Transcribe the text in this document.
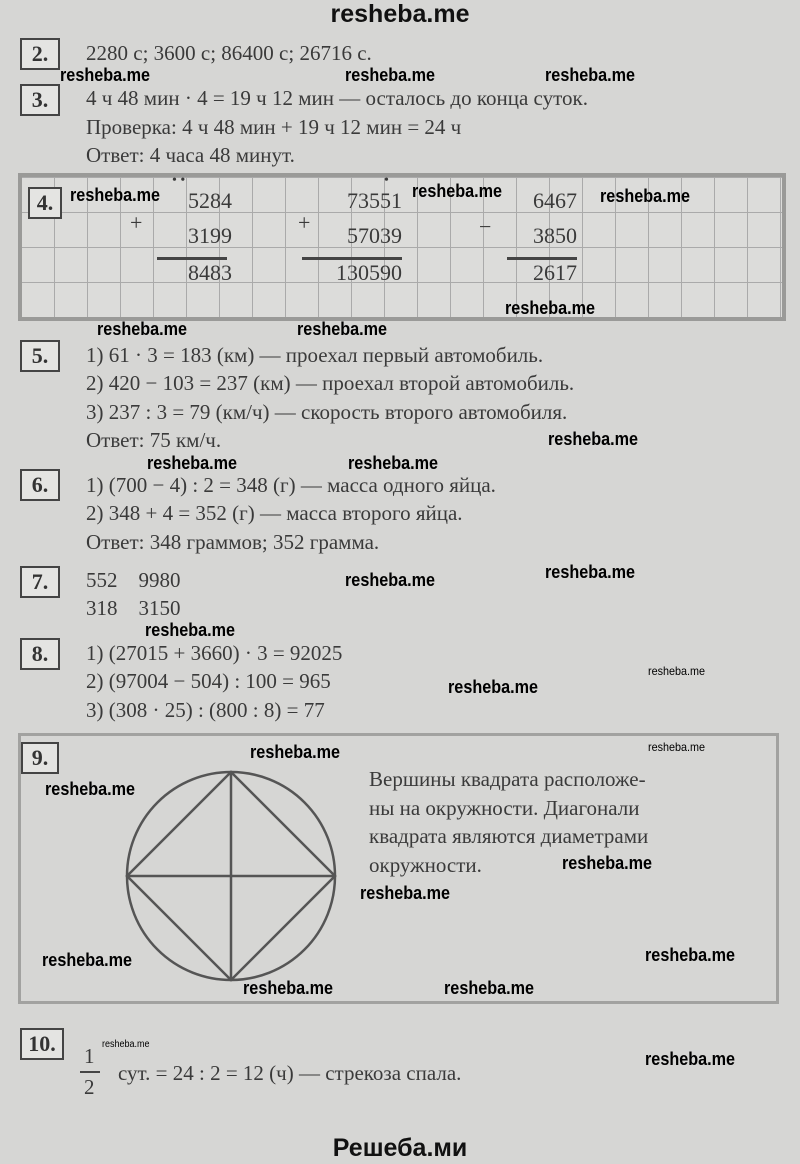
resheba.me
2.	2280 с; 3600 с; 86400 с; 26716 с.
3.	4 ч 48 мин · 4 = 19 ч 12 мин — осталось до конца суток.
Проверка: 4 ч 48 мин + 19 ч 12 мин = 24 ч
Ответ: 4 часа 48 минут.
4.
• •
+
5284
3199
8483
•
+
73551
57039
130590
−
6467
3850
2617
5.	1) 61 · 3 = 183 (км) — проехал первый автомобиль.
2) 420 − 103 = 237 (км) — проехал второй автомобиль.
3) 237 : 3 = 79 (км/ч) — скорость второго автомобиля.
Ответ: 75 км/ч.
6.	1) (700 − 4) : 2 = 348 (г) — масса одного яйца.
2) 348 + 4 = 352 (г) — масса второго яйца.
Ответ: 348 граммов; 352 грамма.
7.	552    9980
318    3150
8.	1) (27015 + 3660) · 3 = 92025
2) (97004 − 504) : 100 = 965
3) (308 · 25) : (800 : 8) = 77
9.
Вершины квадрата расположе-
ны на окружности. Диагонали
квадрата являются диаметрами
окружности.
10.	1
2
сут. = 24 : 2 = 12 (ч) — стрекоза спала.
Решеба.ми
resheba.me	resheba.me	resheba.me
resheba.me	resheba.me	resheba.me
resheba.me
resheba.me	resheba.me
resheba.me
resheba.me	resheba.me
resheba.me	resheba.me
resheba.me
resheba.me
resheba.me
resheba.me
resheba.me
resheba.me
resheba.me
resheba.me
resheba.me
resheba.me
resheba.me	resheba.me
resheba.me
resheba.me
